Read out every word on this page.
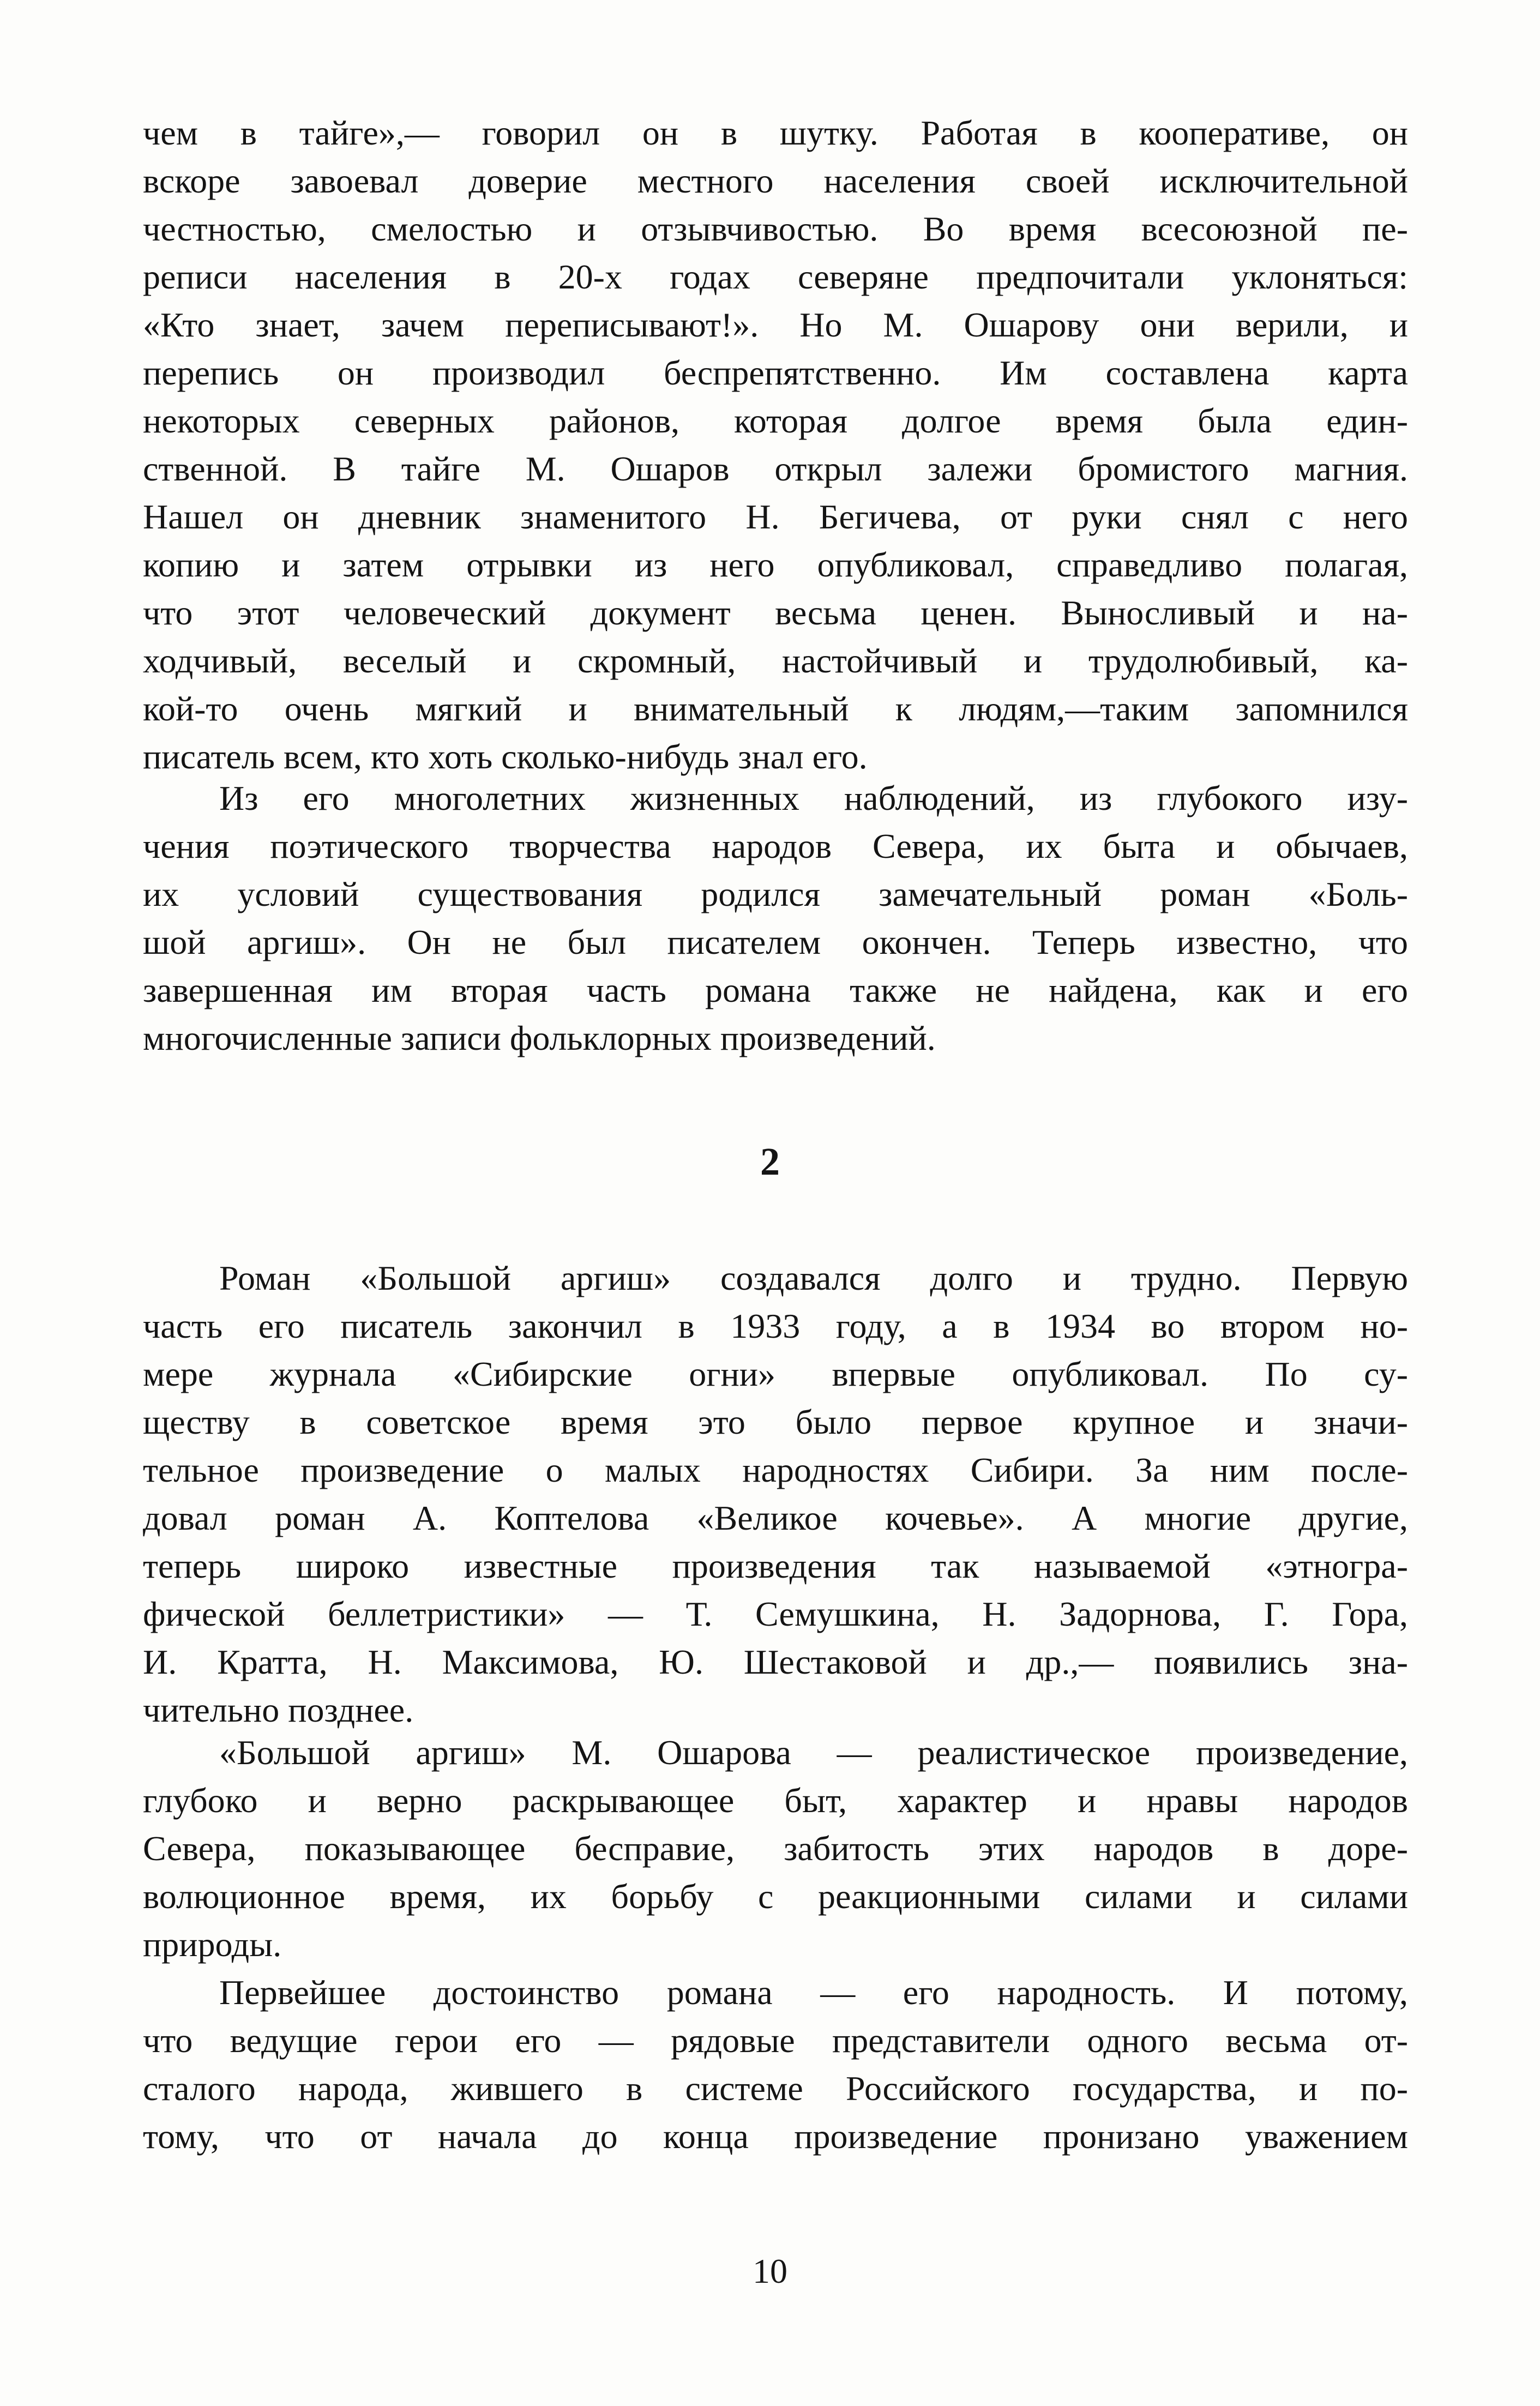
чем в тайге»,— говорил он в шутку. Работая в кооперативе, он
вскоре завоевал доверие местного населения своей исключительной
честностью, смелостью и отзывчивостью. Во время всесоюзной пе-
реписи населения в 20-х годах северяне предпочитали уклоняться:
«Кто знает, зачем переписывают!». Но М. Ошарову они верили, и
перепись он производил беспрепятственно. Им составлена карта
некоторых северных районов, которая долгое время была един-
ственной. В тайге М. Ошаров открыл залежи бромистого магния.
Нашел он дневник знаменитого Н. Бегичева, от руки снял с него
копию и затем отрывки из него опубликовал, справедливо полагая,
что этот человеческий документ весьма ценен. Выносливый и на-
ходчивый, веселый и скромный, настойчивый и трудолюбивый, ка-
кой-то очень мягкий и внимательный к людям,—таким запомнился
писатель всем, кто хоть сколько-нибудь знал его.
Из его многолетних жизненных наблюдений, из глубокого изу-
чения поэтического творчества народов Севера, их быта и обычаев,
их условий существования родился замечательный роман «Боль-
шой аргиш». Он не был писателем окончен. Теперь известно, что
завершенная им вторая часть романа также не найдена, как и его
многочисленные записи фольклорных произведений.
2
Роман «Большой аргиш» создавался долго и трудно. Первую
часть его писатель закончил в 1933 году, а в 1934 во втором но-
мере журнала «Сибирские огни» впервые опубликовал. По су-
ществу в советское время это было первое крупное и значи-
тельное произведение о малых народностях Сибири. За ним после-
довал роман А. Коптелова «Великое кочевье». А многие другие,
теперь широко известные произведения так называемой «этногра-
фической беллетристики» — Т. Семушкина, Н. Задорнова, Г. Гора,
И. Кратта, Н. Максимова, Ю. Шестаковой и др.,— появились зна-
чительно позднее.
«Большой аргиш» М. Ошарова — реалистическое произведение,
глубоко и верно раскрывающее быт, характер и нравы народов
Севера, показывающее бесправие, забитость этих народов в доре-
волюционное время, их борьбу с реакционными силами и силами
природы.
Первейшее достоинство романа — его народность. И потому,
что ведущие герои его — рядовые представители одного весьма от-
сталого народа, жившего в системе Российского государства, и по-
тому, что от начала до конца произведение пронизано уважением
10
